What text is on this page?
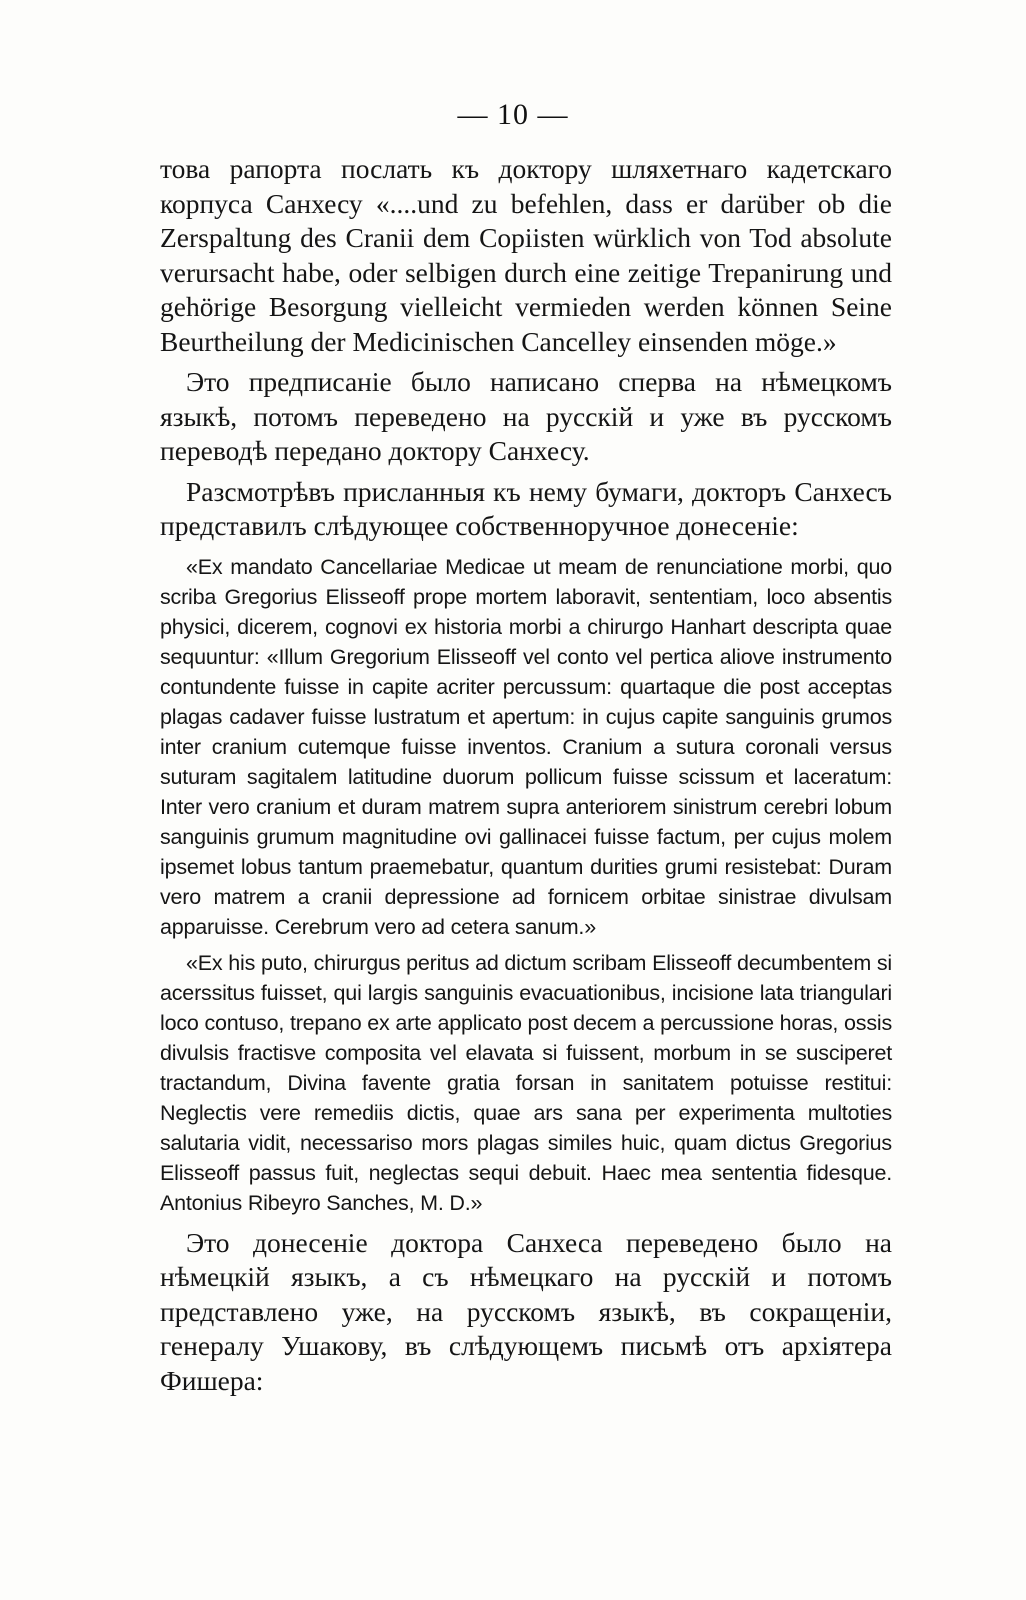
— 10 —

това рапорта послать къ доктору шляхетнаго кадетскаго корпуса Санхесу «....und zu befehlen, dass er darüber ob die Zerspaltung des Cranii dem Copiisten würklich von Tod absolute verursacht habe, oder selbigen durch eine zeitige Trepanirung und gehörige Besorgung vielleicht vermieden werden können Seine Beurtheilung der Medicinischen Cancelley einsenden möge.»

Это предписаніе было написано сперва на нѣмецкомъ языкѣ, потомъ переведено на русскій и уже въ русскомъ переводѣ передано доктору Санхесу.

Разсмотрѣвъ присланныя къ нему бумаги, докторъ Санхесъ представилъ слѣдующее собственноручное донесеніе:

«Ex mandato Cancellariae Medicae ut meam de renunciatione morbi, quo scriba Gregorius Elisseoff prope mortem laboravit, sententiam, loco absentis physici, dicerem, cognovi ex historia morbi a chirurgo Hanhart descripta quae sequuntur: «Illum Gregorium Elisseoff vel conto vel pertica aliove instrumento contundente fuisse in capite acriter percussum: quartaque die post acceptas plagas cadaver fuisse lustratum et apertum: in cujus capite sanguinis grumos inter cranium cutemque fuisse inventos. Cranium a sutura coronali versus suturam sagitalem latitudine duorum pollicum fuisse scissum et laceratum: Inter vero cranium et duram matrem supra anteriorem sinistrum cerebri lobum sanguinis grumum magnitudine ovi gallinacei fuisse factum, per cujus molem ipsemet lobus tantum praemebatur, quantum durities grumi resistebat: Duram vero matrem a cranii depressione ad fornicem orbitae sinistrae divulsam apparuisse. Cerebrum vero ad cetera sanum.»

«Ex his puto, chirurgus peritus ad dictum scribam Elisseoff decumbentem si acerssitus fuisset, qui largis sanguinis evacuationibus, incisione lata triangulari loco contuso, trepano ex arte applicato post decem a percussione horas, ossis divulsis fractisve composita vel elavata si fuissent, morbum in se susciperet tractandum, Divina favente gratia forsan in sanitatem potuisse restitui: Neglectis vere remediis dictis, quae ars sana per experimenta multoties salutaria vidit, necessariso mors plagas similes huic, quam dictus Gregorius Elisseoff passus fuit, neglectas sequi debuit. Haec mea sententia fidesque. Antonius Ribeyro Sanches, M. D.»

Это донесеніе доктора Санхеса переведено было на нѣмецкій языкъ, а съ нѣмецкаго на русскій и потомъ представлено уже, на русскомъ языкѣ, въ сокращеніи, генералу Ушакову, въ слѣдующемъ письмѣ отъ архіятера Фишера:
